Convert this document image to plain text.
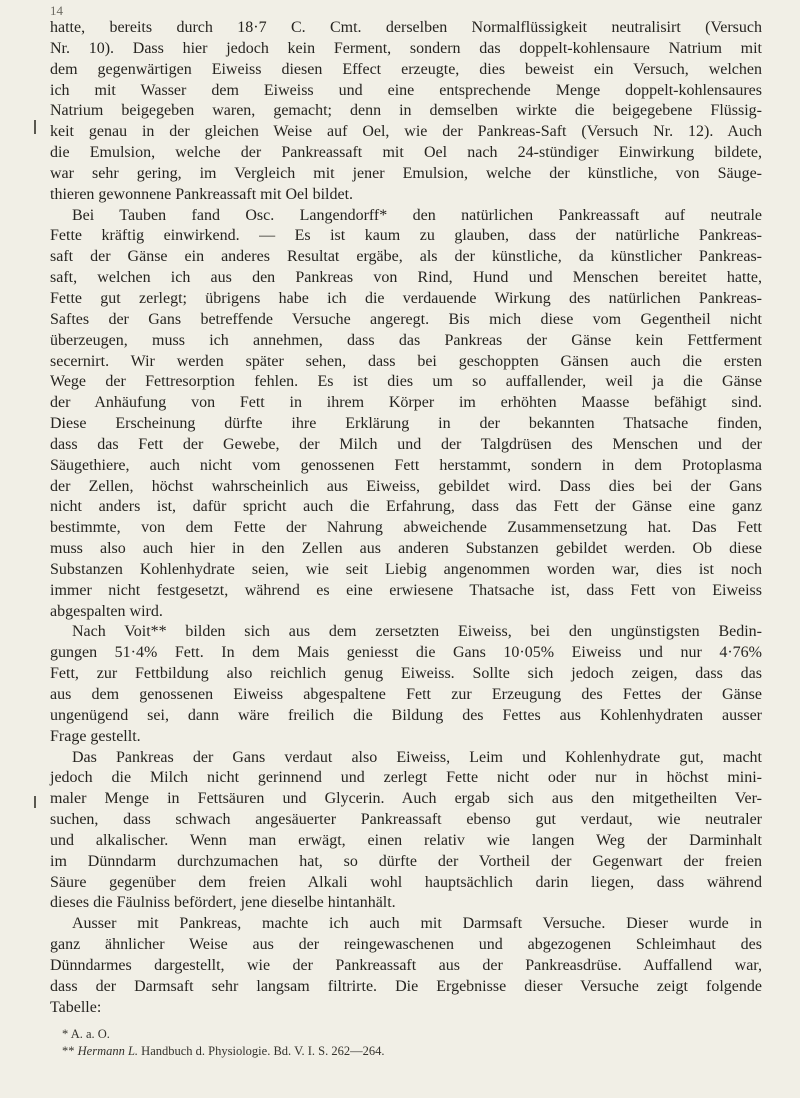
14

hatte, bereits durch 18·7 C. Cmt. derselben Normalflüssigkeit neutralisirt (Versuch
Nr. 10). Dass hier jedoch kein Ferment, sondern das doppelt-kohlensaure Natrium mit
dem gegenwärtigen Eiweiss diesen Effect erzeugte, dies beweist ein Versuch, welchen
ich mit Wasser dem Eiweiss und eine entsprechende Menge doppelt-kohlensaures
Natrium beigegeben waren, gemacht; denn in demselben wirkte die beigegebene Flüssig-
keit genau in der gleichen Weise auf Oel, wie der Pankreas-Saft (Versuch Nr. 12). Auch
die Emulsion, welche der Pankreassaft mit Oel nach 24-stündiger Einwirkung bildete,
war sehr gering, im Vergleich mit jener Emulsion, welche der künstliche, von Säuge-
thieren gewonnene Pankreassaft mit Oel bildet.

Bei Tauben fand Osc. Langendorff* den natürlichen Pankreassaft auf neutrale
Fette kräftig einwirkend. — Es ist kaum zu glauben, dass der natürliche Pankreas-
saft der Gänse ein anderes Resultat ergäbe, als der künstliche, da künstlicher Pankreas-
saft, welchen ich aus den Pankreas von Rind, Hund und Menschen bereitet hatte,
Fette gut zerlegt; übrigens habe ich die verdauende Wirkung des natürlichen Pankreas-
Saftes der Gans betreffende Versuche angeregt. Bis mich diese vom Gegentheil nicht
überzeugen, muss ich annehmen, dass das Pankreas der Gänse kein Fettferment
secernirt. Wir werden später sehen, dass bei geschoppten Gänsen auch die ersten
Wege der Fettresorption fehlen. Es ist dies um so auffallender, weil ja die Gänse
der Anhäufung von Fett in ihrem Körper im erhöhten Maasse befähigt sind.
Diese Erscheinung dürfte ihre Erklärung in der bekannten Thatsache finden,
dass das Fett der Gewebe, der Milch und der Talgdrüsen des Menschen und der
Säugethiere, auch nicht vom genossenen Fett herstammt, sondern in dem Protoplasma
der Zellen, höchst wahrscheinlich aus Eiweiss, gebildet wird. Dass dies bei der Gans
nicht anders ist, dafür spricht auch die Erfahrung, dass das Fett der Gänse eine ganz
bestimmte, von dem Fette der Nahrung abweichende Zusammensetzung hat. Das Fett
muss also auch hier in den Zellen aus anderen Substanzen gebildet werden. Ob diese
Substanzen Kohlenhydrate seien, wie seit Liebig angenommen worden war, dies ist noch
immer nicht festgesetzt, während es eine erwiesene Thatsache ist, dass Fett von Eiweiss
abgespalten wird.

Nach Voit** bilden sich aus dem zersetzten Eiweiss, bei den ungünstigsten Bedin-
gungen 51·4% Fett. In dem Mais geniesst die Gans 10·05% Eiweiss und nur 4·76%
Fett, zur Fettbildung also reichlich genug Eiweiss. Sollte sich jedoch zeigen, dass das
aus dem genossenen Eiweiss abgespaltene Fett zur Erzeugung des Fettes der Gänse
ungenügend sei, dann wäre freilich die Bildung des Fettes aus Kohlenhydraten ausser
Frage gestellt.

Das Pankreas der Gans verdaut also Eiweiss, Leim und Kohlenhydrate gut, macht
jedoch die Milch nicht gerinnend und zerlegt Fette nicht oder nur in höchst mini-
maler Menge in Fettsäuren und Glycerin. Auch ergab sich aus den mitgetheilten Ver-
suchen, dass schwach angesäuerter Pankreassaft ebenso gut verdaut, wie neutraler
und alkalischer. Wenn man erwägt, einen relativ wie langen Weg der Darminhalt
im Dünndarm durchzumachen hat, so dürfte der Vortheil der Gegenwart der freien
Säure gegenüber dem freien Alkali wohl hauptsächlich darin liegen, dass während
dieses die Fäulniss befördert, jene dieselbe hintanhält.

Ausser mit Pankreas, machte ich auch mit Darmsaft Versuche. Dieser wurde in
ganz ähnlicher Weise aus der reingewaschenen und abgezogenen Schleimhaut des
Dünndarmes dargestellt, wie der Pankreassaft aus der Pankreasdrüse. Auffallend war,
dass der Darmsaft sehr langsam filtrirte. Die Ergebnisse dieser Versuche zeigt folgende
Tabelle:

* A. a. O.

** Hermann L. Handbuch d. Physiologie. Bd. V. I. S. 262—264.
